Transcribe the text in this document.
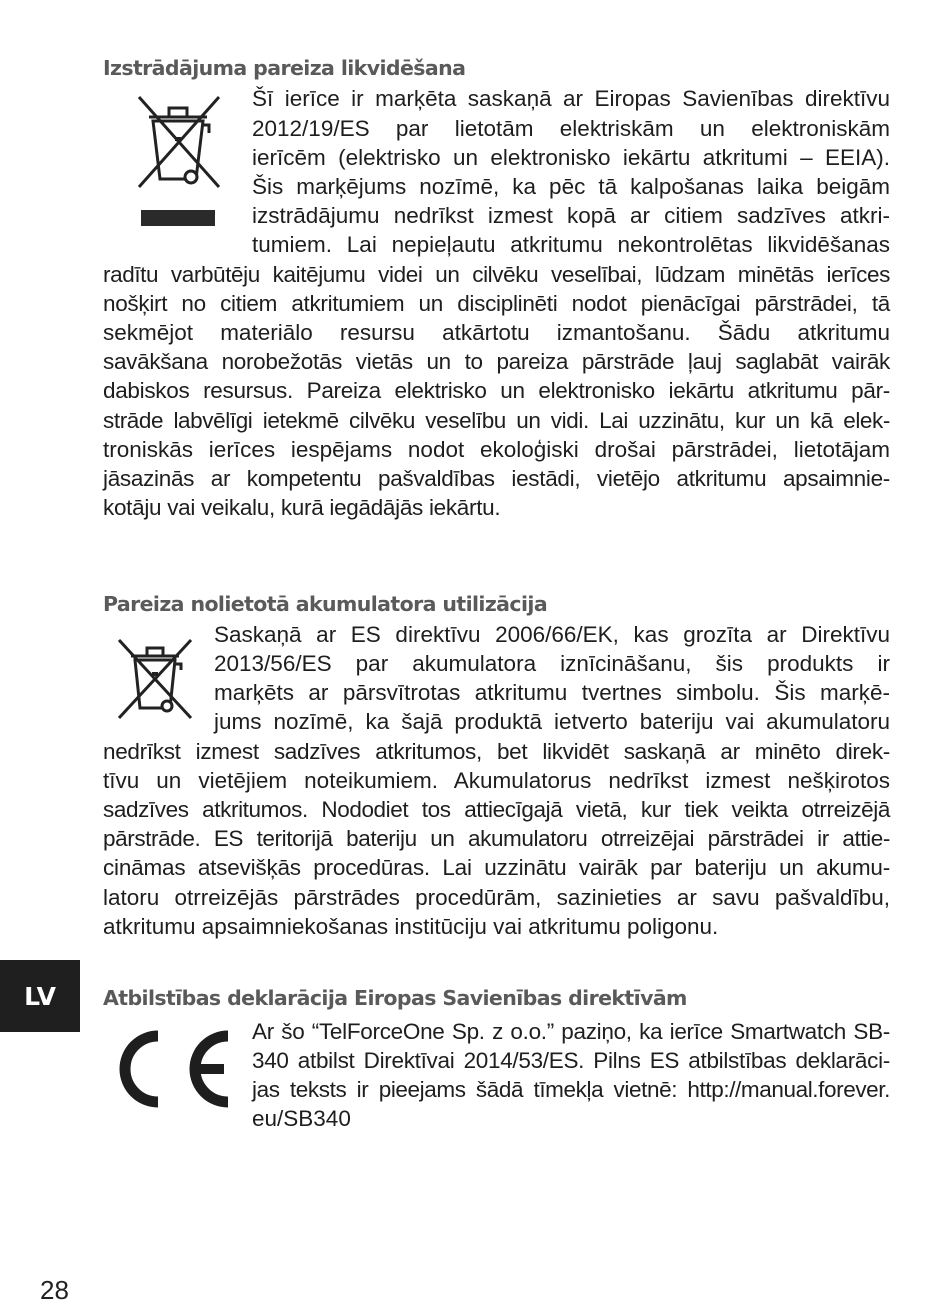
Izstrādājuma pareiza likvidēšana

Šī ierīce ir marķēta saskaņā ar Eiropas Savienības direktīvu

2012/19/ES par lietotām elektriskām un elektroniskām

ierīcēm (elektrisko un elektronisko iekārtu atkritumi – EEIA).

Šis marķējums nozīmē, ka pēc tā kalpošanas laika beigām

izstrādājumu nedrīkst izmest kopā ar citiem sadzīves atkri-

tumiem. Lai nepieļautu atkritumu nekontrolētas likvidēšanas

radītu varbūtēju kaitējumu videi un cilvēku veselībai, lūdzam minētās ierīces

nošķirt no citiem atkritumiem un disciplinēti nodot pienācīgai pārstrādei, tā

sekmējot materiālo resursu atkārtotu izmantošanu. Šādu atkritumu

savākšana norobežotās vietās un to pareiza pārstrāde ļauj saglabāt vairāk

dabiskos resursus. Pareiza elektrisko un elektronisko iekārtu atkritumu pār-

strāde labvēlīgi ietekmē cilvēku veselību un vidi. Lai uzzinātu, kur un kā elek-

troniskās ierīces iespējams nodot ekoloģiski drošai pārstrādei, lietotājam

jāsazinās ar kompetentu pašvaldības iestādi, vietējo atkritumu apsaimnie-

kotāju vai veikalu, kurā iegādājās iekārtu.

Pareiza nolietotā akumulatora utilizācija

Saskaņā ar ES direktīvu 2006/66/EK, kas grozīta ar Direktīvu

2013/56/ES par akumulatora iznīcināšanu, šis produkts ir

marķēts ar pārsvītrotas atkritumu tvertnes simbolu. Šis marķē-

jums nozīmē, ka šajā produktā ietverto bateriju vai akumulatoru

nedrīkst izmest sadzīves atkritumos, bet likvidēt saskaņā ar minēto direk-

tīvu un vietējiem noteikumiem. Akumulatorus nedrīkst izmest nešķirotos

sadzīves atkritumos. Nododiet tos attiecīgajā vietā, kur tiek veikta otrreizējā

pārstrāde. ES teritorijā bateriju un akumulatoru otrreizējai pārstrādei ir attie-

cināmas atsevišķās procedūras. Lai uzzinātu vairāk par bateriju un akumu-

latoru otrreizējās pārstrādes procedūrām, sazinieties ar savu pašvaldību,

atkritumu apsaimniekošanas institūciju vai atkritumu poligonu.

LV	Atbilstības deklarācija Eiropas Savienības direktīvām

Ar šo “TelForceOne Sp. z o.o.” paziņo, ka ierīce Smartwatch SB-

340 atbilst Direktīvai 2014/53/ES. Pilns ES atbilstības deklarāci-

jas teksts ir pieejams šādā tīmekļa vietnē: http://manual.forever.

eu/SB340

28
